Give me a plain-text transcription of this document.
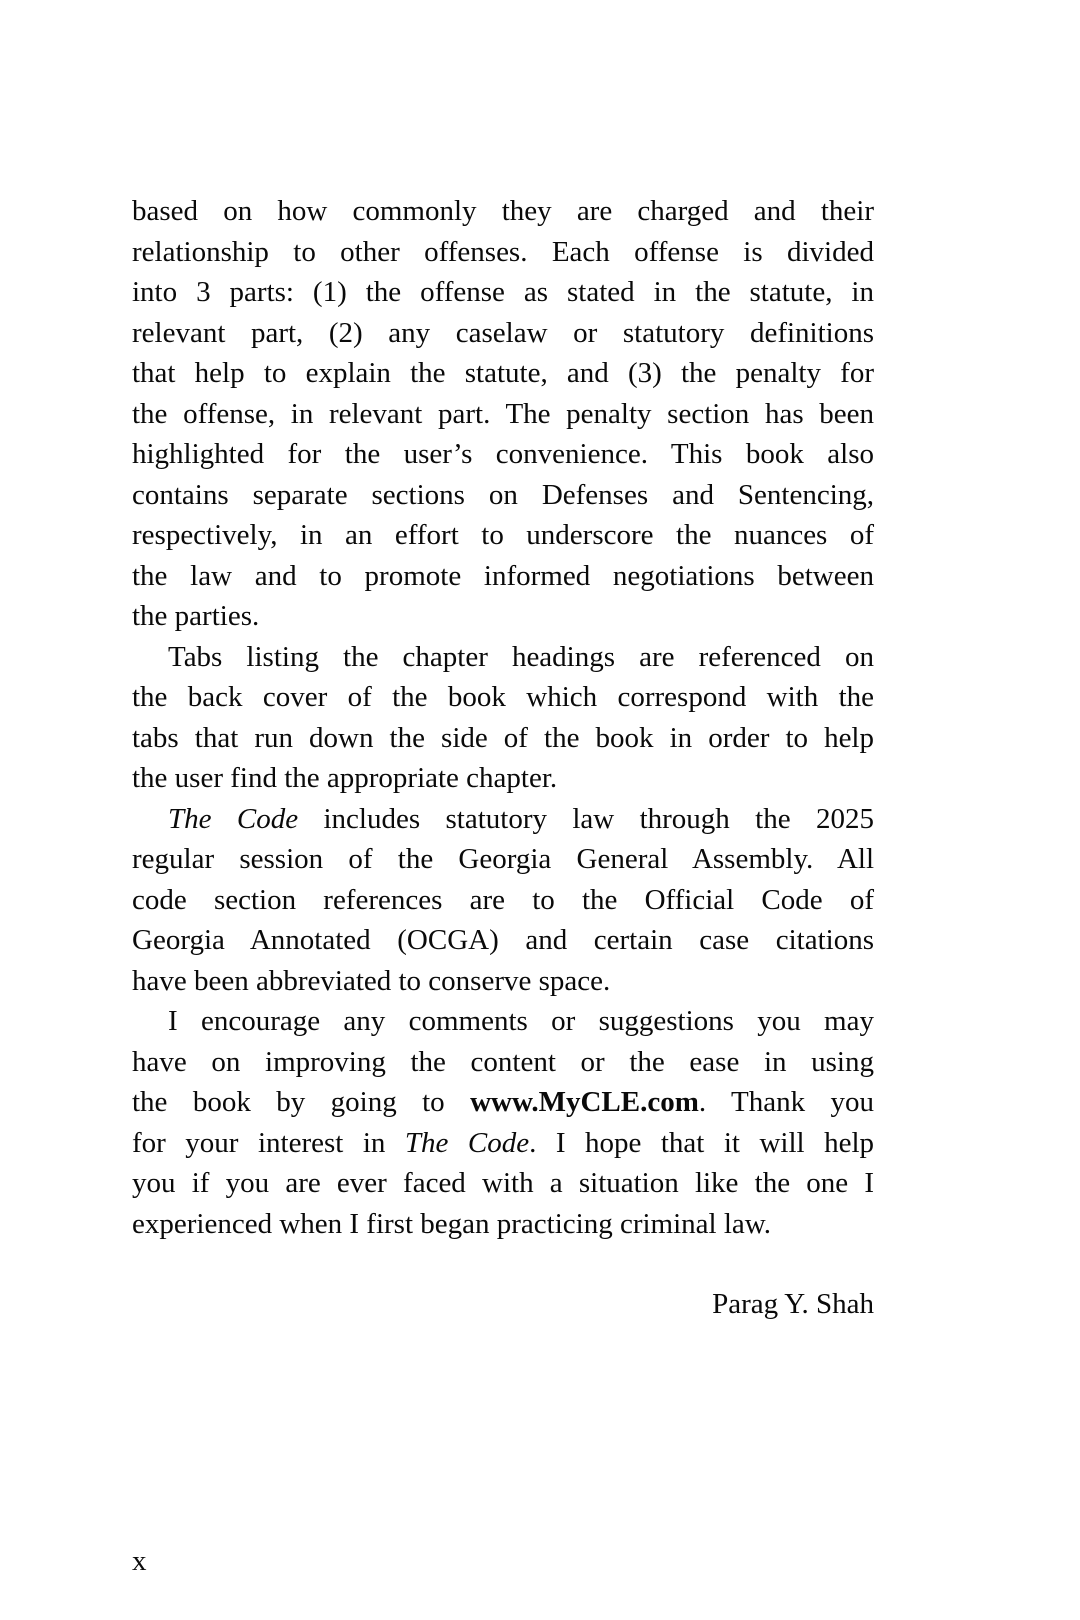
based on how commonly they are charged and their
relationship to other offenses. Each offense is divided
into 3 parts: (1) the offense as stated in the statute, in
relevant part, (2) any caselaw or statutory definitions
that help to explain the statute, and (3) the penalty for
the offense, in relevant part. The penalty section has been
highlighted for the user’s convenience. This book also
contains separate sections on Defenses and Sentencing,
respectively, in an effort to underscore the nuances of
the law and to promote informed negotiations between
the parties.
Tabs listing the chapter headings are referenced on
the back cover of the book which correspond with the
tabs that run down the side of the book in order to help
the user find the appropriate chapter.
The Code includes statutory law through the 2025
regular session of the Georgia General Assembly. All
code section references are to the Official Code of
Georgia Annotated (OCGA) and certain case citations
have been abbreviated to conserve space.
I encourage any comments or suggestions you may
have on improving the content or the ease in using
the book by going to www.MyCLE.com. Thank you
for your interest in The Code. I hope that it will help
you if you are ever faced with a situation like the one I
experienced when I first began practicing criminal law.
Parag Y. Shah
x
